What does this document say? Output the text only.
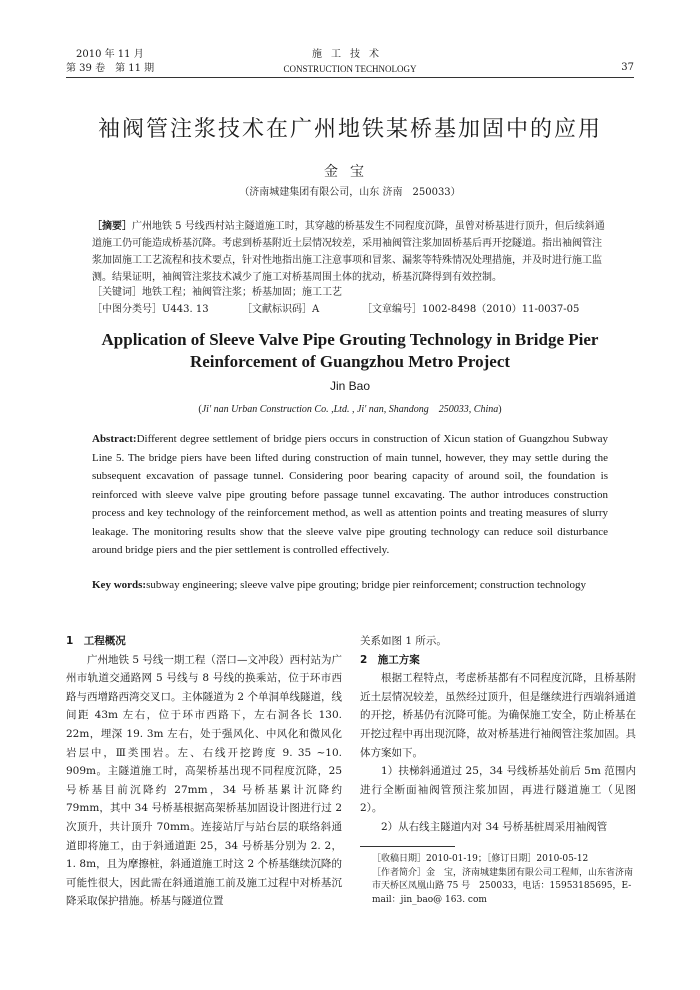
2010 年 11 月
第 39 卷　第 11 期
施工技术
CONSTRUCTION TECHNOLOGY	37
袖阀管注浆技术在广州地铁某桥基加固中的应用
金宝
（济南城建集团有限公司，山东 济南　250033）
［摘要］广州地铁 5 号线西村站主隧道施工时，其穿越的桥基发生不同程度沉降，虽曾对桥基进行顶升，但后续斜通道施工仍可能造成桥基沉降。考虑到桥基附近土层情况较差，采用袖阀管注浆加固桥基后再开挖隧道。指出袖阀管注浆加固施工工艺流程和技术要点，针对性地指出施工注意事项和冒浆、漏浆等特殊情况处理措施，并及时进行施工监测。结果证明，袖阀管注浆技术减少了施工对桥基周围土体的扰动，桥基沉降得到有效控制。
［关键词］地铁工程；袖阀管注浆；桥基加固；施工工艺
［中图分类号］U443. 13	［文献标识码］A	［文章编号］1002-8498（2010）11-0037-05
Application of Sleeve Valve Pipe Grouting Technology in Bridge Pier Reinforcement of Guangzhou Metro Project
Jin Bao
(Ji' nan Urban Construction Co. ,Ltd. , Ji' nan, Shandong　250033, China)
Abstract:Different degree settlement of bridge piers occurs in construction of Xicun station of Guangzhou Subway Line 5. The bridge piers have been lifted during construction of main tunnel, however, they may settle during the subsequent excavation of passage tunnel. Considering poor bearing capacity of around soil, the foundation is reinforced with sleeve valve pipe grouting before passage tunnel excavating. The author introduces construction process and key technology of the reinforcement method, as well as attention points and treating measures of slurry leakage. The monitoring results show that the sleeve valve pipe grouting technology can reduce soil disturbance around bridge piers and the pier settlement is controlled effectively.
Key words:subway engineering; sleeve valve pipe grouting; bridge pier reinforcement; construction technology
1　工程概况

广州地铁 5 号线一期工程（滘口—文冲段）西村站为广州市轨道交通路网 5 号线与 8 号线的换乘站，位于环市西路与西增路西湾交叉口。主体隧道为 2 个单洞单线隧道，线间距 43m 左右，位于环市西路下，左右洞各长 130. 22m，埋深 19. 3m 左右，处于强风化、中风化和微风化岩层中，Ⅲ类围岩。左、右线开挖跨度 9. 35 ~10. 909m。主隧道施工时，高架桥基出现不同程度沉降，25 号桥基目前沉降约 27mm，34 号桥基累计沉降约 79mm，其中 34 号桥基根据高架桥基加固设计图进行过 2 次顶升，共计顶升 70mm。连接站厅与站台层的联络斜通道即将施工，由于斜通道距 25，34 号桥基分别为 2. 2，1. 8m，且为摩擦桩，斜通道施工时这 2 个桥基继续沉降的可能性很大，因此需在斜通道施工前及施工过程中对桥基沉降采取保护措施。桥基与隧道位置

关系如图 1 所示。

2　施工方案

根据工程特点，考虑桥基都有不同程度沉降，且桥基附近土层情况较差，虽然经过顶升，但是继续进行西端斜通道的开挖，桥基仍有沉降可能。为确保施工安全，防止桥基在开挖过程中再出现沉降，故对桥基进行袖阀管注浆加固。具体方案如下。

1）扶梯斜通道过 25，34 号线桥基处前后 5m 范围内进行全断面袖阀管预注浆加固，再进行隧道施工（见图 2）。

2）从右线主隧道内对 34 号桥基桩周采用袖阀管

［收稿日期］2010-01-19；［修订日期］2010-05-12
［作者简介］金　宝，济南城建集团有限公司工程师，山东省济南市天桥区凤凰山路 75 号　250033，电话：15953185695，E-mail：jin_bao@ 163. com
